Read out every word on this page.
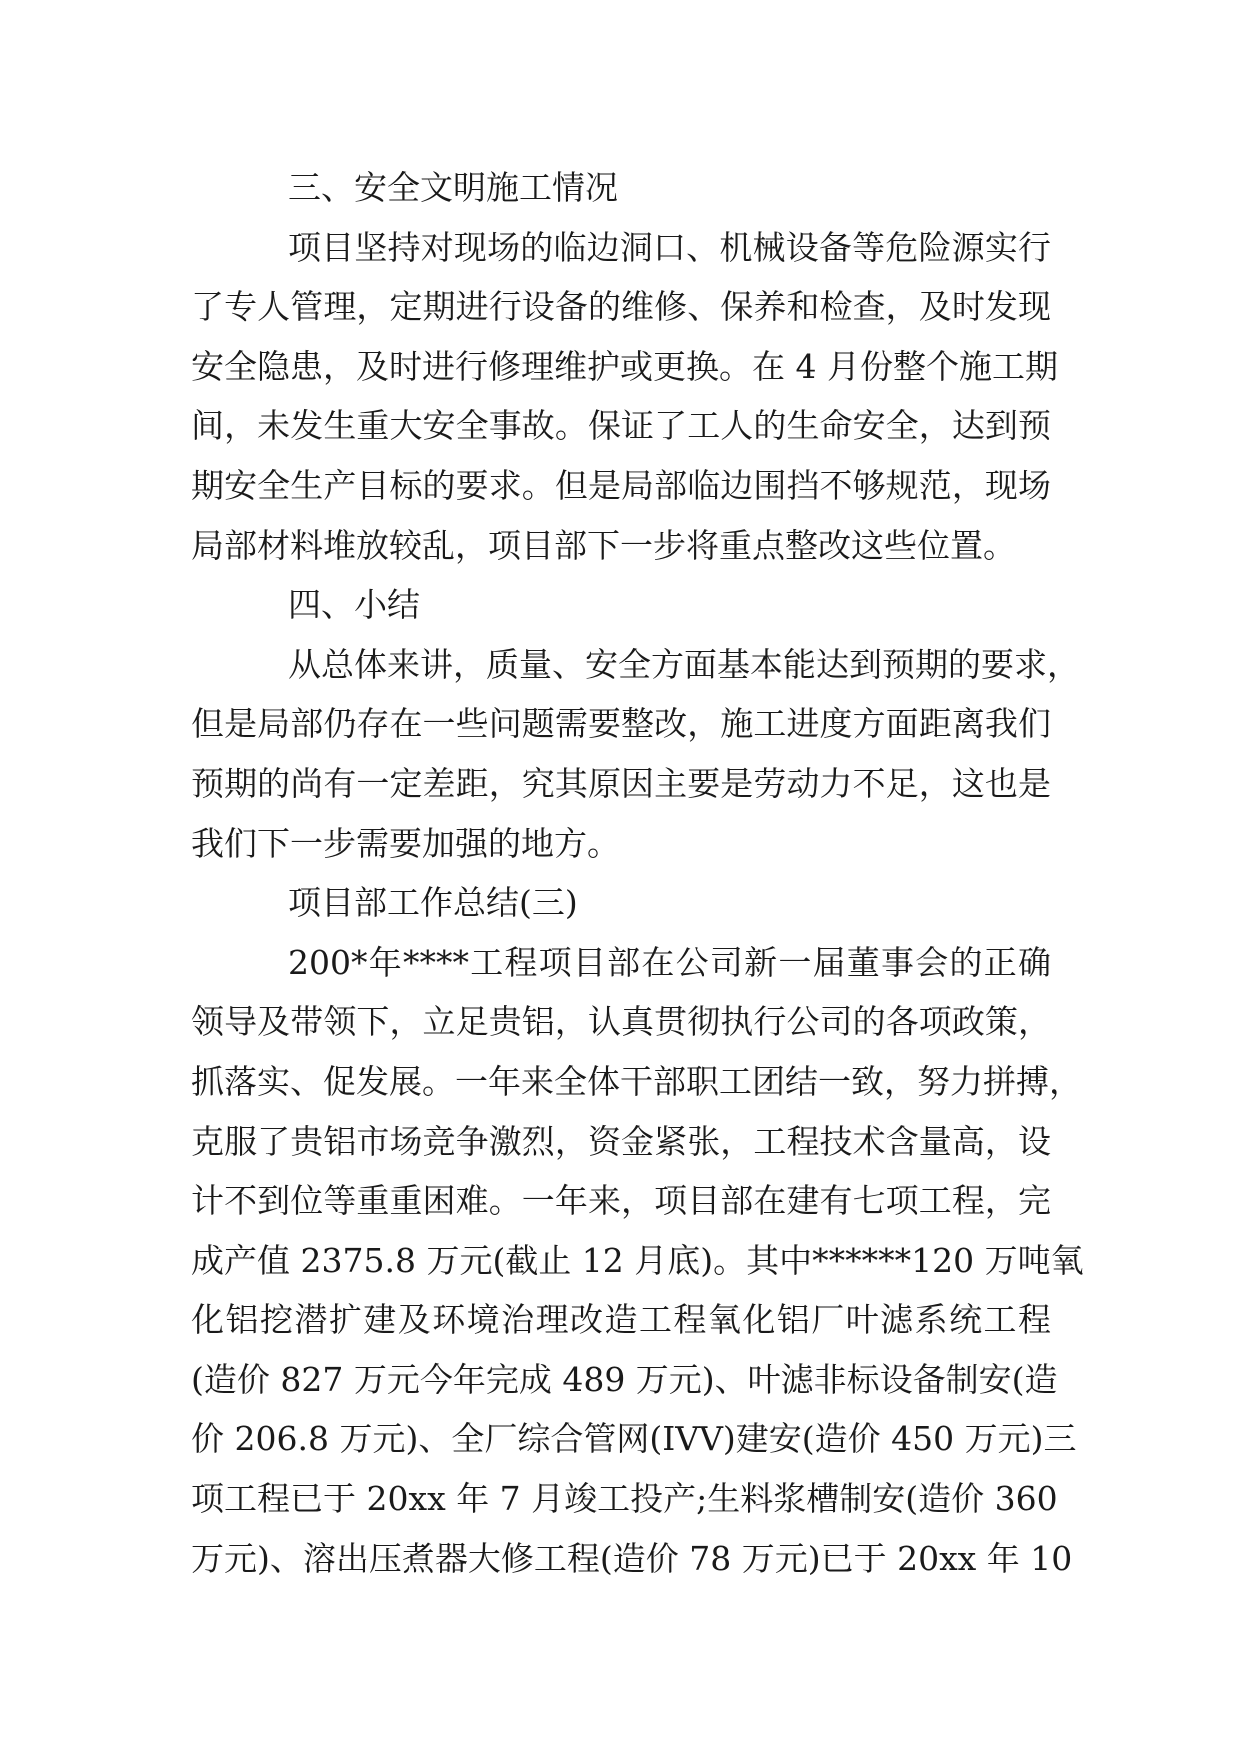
三、安全文明施工情况
项目坚持对现场的临边洞口、机械设备等危险源实行
了专人管理，定期进行设备的维修、保养和检查，及时发现
安全隐患，及时进行修理维护或更换。在 4 月份整个施工期
间，未发生重大安全事故。保证了工人的生命安全，达到预
期安全生产目标的要求。但是局部临边围挡不够规范，现场
局部材料堆放较乱，项目部下一步将重点整改这些位置。
四、小结
从总体来讲，质量、安全方面基本能达到预期的要求，
但是局部仍存在一些问题需要整改，施工进度方面距离我们
预期的尚有一定差距，究其原因主要是劳动力不足，这也是
我们下一步需要加强的地方。
项目部工作总结(三)
200*年****工程项目部在公司新一届董事会的正确
领导及带领下，立足贵铝，认真贯彻执行公司的各项政策，
抓落实、促发展。一年来全体干部职工团结一致，努力拼搏，
克服了贵铝市场竞争激烈，资金紧张，工程技术含量高，设
计不到位等重重困难。一年来，项目部在建有七项工程，完
成产值 2375.8 万元(截止 12 月底)。其中******120 万吨氧
化铝挖潜扩建及环境治理改造工程氧化铝厂叶滤系统工程
(造价 827 万元今年完成 489 万元)、叶滤非标设备制安(造
价 206.8 万元)、全厂综合管网(IVV)建安(造价 450 万元)三
项工程已于 20xx 年 7 月竣工投产;生料浆槽制安(造价 360
万元)、溶出压煮器大修工程(造价 78 万元)已于 20xx 年 10
